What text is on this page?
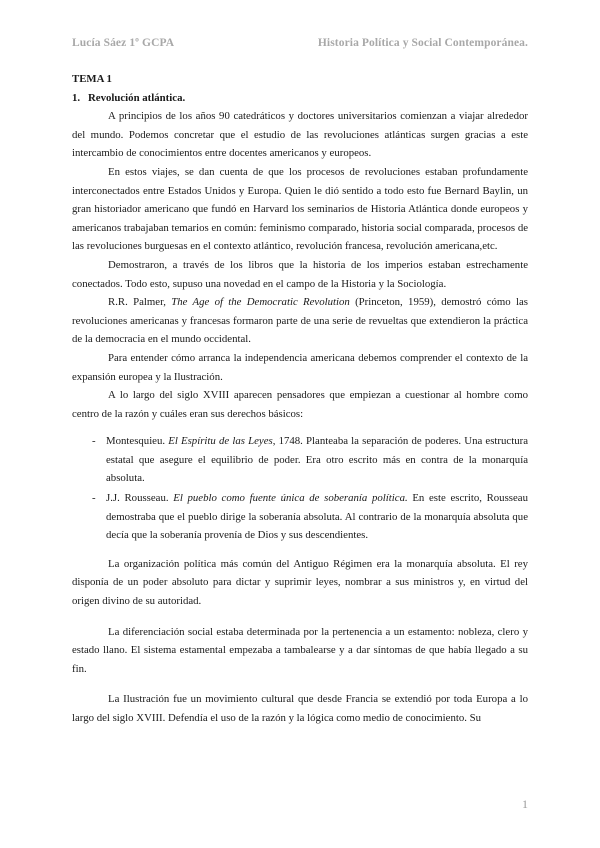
Lucía Sáez 1º GCPA	Historia Política y Social Contemporánea.

TEMA 1

1. Revolución atlántica.

A principios de los años 90 catedráticos y doctores universitarios comienzan a viajar alrededor del mundo. Podemos concretar que el estudio de las revoluciones atlánticas surgen gracias a este intercambio de conocimientos entre docentes americanos y europeos.

En estos viajes, se dan cuenta de que los procesos de revoluciones estaban profundamente interconectados entre Estados Unidos y Europa. Quien le dió sentido a todo esto fue Bernard Baylin, un gran historiador americano que fundó en Harvard los seminarios de Historia Atlántica donde europeos y americanos trabajaban temarios en común: feminismo comparado, historia social comparada, procesos de las revoluciones burguesas en el contexto atlántico, revolución francesa, revolución americana,etc.

Demostraron, a través de los libros que la historia de los imperios estaban estrechamente conectados. Todo esto, supuso una novedad en el campo de la Historia y la Sociología.

R.R. Palmer, The Age of the Democratic Revolution (Princeton, 1959), demostró cómo las revoluciones americanas y francesas formaron parte de una serie de revueltas que extendieron la práctica de la democracia en el mundo occidental.

Para entender cómo arranca la independencia americana debemos comprender el contexto de la expansión europea y la Ilustración.

A lo largo del siglo XVIII aparecen pensadores que empiezan a cuestionar al hombre como centro de la razón y cuáles eran sus derechos básicos:

- Montesquieu. El Espíritu de las Leyes, 1748. Planteaba la separación de poderes. Una estructura estatal que asegure el equilibrio de poder. Era otro escrito más en contra de la monarquía absoluta.
- J.J. Rousseau. El pueblo como fuente única de soberanía política. En este escrito, Rousseau demostraba que el pueblo dirige la soberanía absoluta. Al contrario de la monarquía absoluta que decía que la soberanía provenía de Dios y sus descendientes.

La organización política más común del Antiguo Régimen era la monarquía absoluta. El rey disponía de un poder absoluto para dictar y suprimir leyes, nombrar a sus ministros y, en virtud del origen divino de su autoridad.

La diferenciación social estaba determinada por la pertenencia a un estamento: nobleza, clero y estado llano. El sistema estamental empezaba a tambalearse y a dar síntomas de que había llegado a su fin.

La Ilustración fue un movimiento cultural que desde Francia se extendió por toda Europa a lo largo del siglo XVIII. Defendía el uso de la razón y la lógica como medio de conocimiento. Su

1
